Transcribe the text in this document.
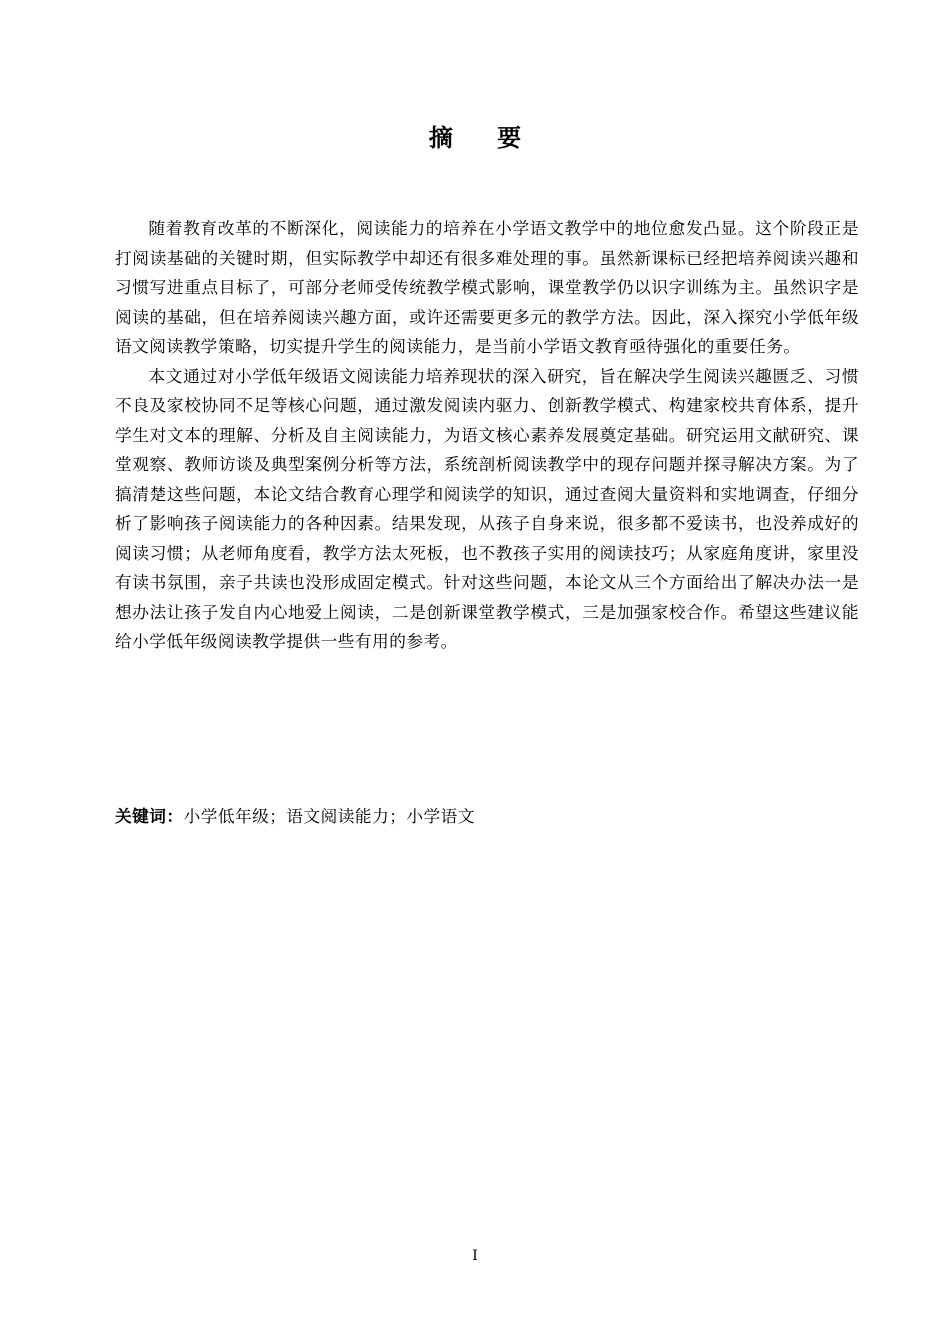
摘 要

随着教育改革的不断深化，阅读能力的培养在小学语文教学中的地位愈发凸显。这个阶段正是打阅读基础的关键时期，但实际教学中却还有很多难处理的事。虽然新课标已经把培养阅读兴趣和习惯写进重点目标了，可部分老师受传统教学模式影响，课堂教学仍以识字训练为主。虽然识字是阅读的基础，但在培养阅读兴趣方面，或许还需要更多元的教学方法。因此，深入探究小学低年级语文阅读教学策略，切实提升学生的阅读能力，是当前小学语文教育亟待强化的重要任务。

本文通过对小学低年级语文阅读能力培养现状的深入研究，旨在解决学生阅读兴趣匮乏、习惯不良及家校协同不足等核心问题，通过激发阅读内驱力、创新教学模式、构建家校共育体系，提升学生对文本的理解、分析及自主阅读能力，为语文核心素养发展奠定基础。研究运用文献研究、课堂观察、教师访谈及典型案例分析等方法，系统剖析阅读教学中的现存问题并探寻解决方案。为了搞清楚这些问题，本论文结合教育心理学和阅读学的知识，通过查阅大量资料和实地调查，仔细分析了影响孩子阅读能力的各种因素。结果发现，从孩子自身来说，很多都不爱读书，也没养成好的阅读习惯；从老师角度看，教学方法太死板，也不教孩子实用的阅读技巧；从家庭角度讲，家里没有读书氛围，亲子共读也没形成固定模式。针对这些问题，本论文从三个方面给出了解决办法一是想办法让孩子发自内心地爱上阅读，二是创新课堂教学模式，三是加强家校合作。希望这些建议能给小学低年级阅读教学提供一些有用的参考。

关键词：小学低年级；语文阅读能力；小学语文
I
